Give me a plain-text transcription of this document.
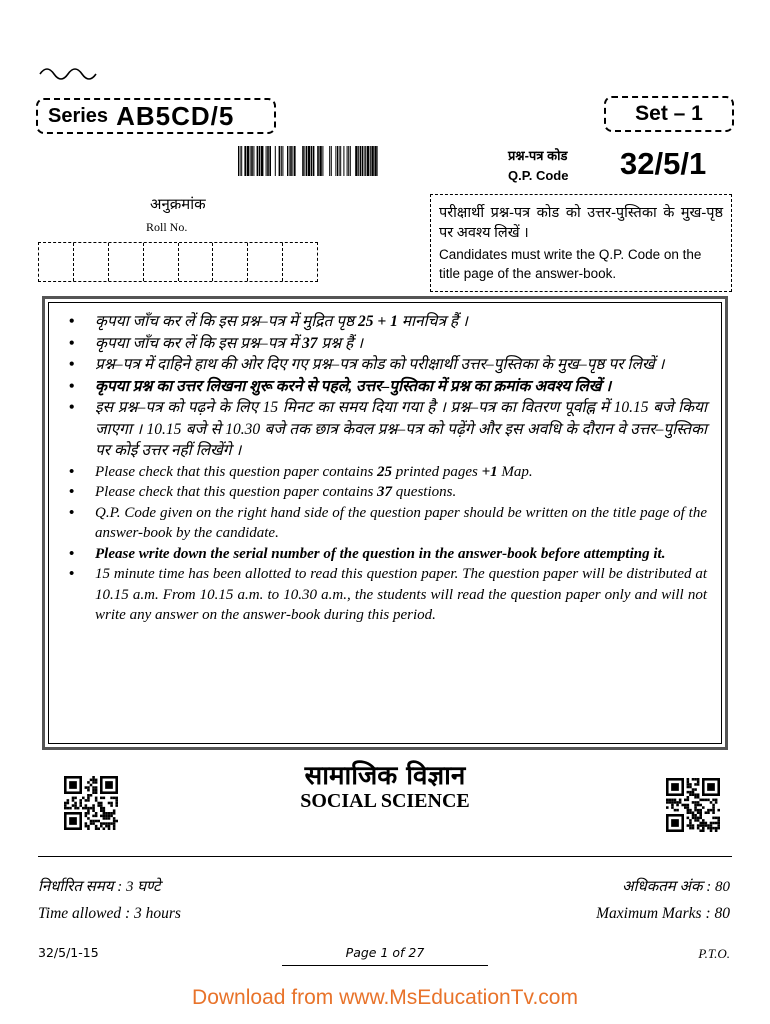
Series AB5CD/5	Set – 1
प्रश्न-पत्र कोड
Q.P. Code 32/5/1
अनुक्रमांक
Roll No.
परीक्षार्थी प्रश्न-पत्र कोड को उत्तर-पुस्तिका के मुख-पृष्ठ पर अवश्य लिखें ।
Candidates must write the Q.P. Code on the title page of the answer-book.
• कृपया जाँच कर लें कि इस प्रश्न–पत्र में मुद्रित पृष्ठ 25 + 1 मानचित्र हैं ।
• कृपया जाँच कर लें कि इस प्रश्न–पत्र में 37 प्रश्न हैं ।
• प्रश्न–पत्र में दाहिने हाथ की ओर दिए गए प्रश्न–पत्र कोड को परीक्षार्थी उत्तर–पुस्तिका के मुख–पृष्ठ पर लिखें ।
• कृपया प्रश्न का उत्तर लिखना शुरू करने से पहले, उत्तर–पुस्तिका में प्रश्न का क्रमांक अवश्य लिखें ।
• इस प्रश्न–पत्र को पढ़ने के लिए 15 मिनट का समय दिया गया है । प्रश्न–पत्र का वितरण पूर्वाह्न में 10.15 बजे किया जाएगा । 10.15 बजे से 10.30 बजे तक छात्र केवल प्रश्न–पत्र को पढ़ेंगे और इस अवधि के दौरान वे उत्तर–पुस्तिका पर कोई उत्तर नहीं लिखेंगे ।
• Please check that this question paper contains 25 printed pages +1 Map.
• Please check that this question paper contains 37 questions.
• Q.P. Code given on the right hand side of the question paper should be written on the title page of the answer-book by the candidate.
• Please write down the serial number of the question in the answer-book before attempting it.
• 15 minute time has been allotted to read this question paper. The question paper will be distributed at 10.15 a.m. From 10.15 a.m. to 10.30 a.m., the students will read the question paper only and will not write any answer on the answer-book during this period.
सामाजिक विज्ञान
SOCIAL SCIENCE
निर्धारित समय : 3 घण्टे	अधिकतम अंक : 80
Time allowed : 3 hours	Maximum Marks : 80
32/5/1-15	Page 1 of 27	P.T.O.
Download from www.MsEducationTv.com
